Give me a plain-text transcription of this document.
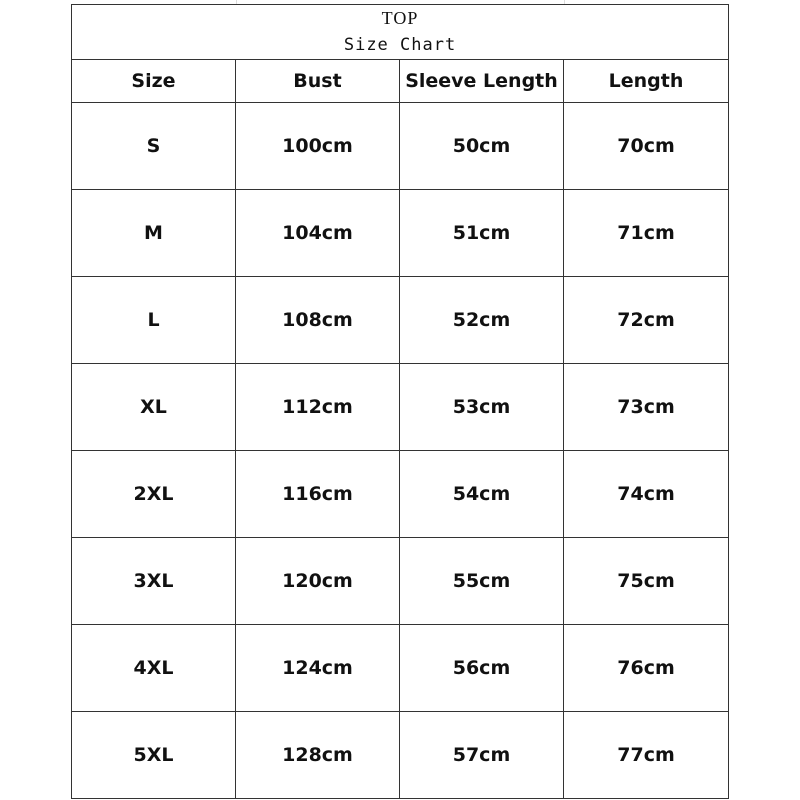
TOP
Size Chart			

Size	Bust	Sleeve Length	Length
S	100cm	50cm	70cm
M	104cm	51cm	71cm
L	108cm	52cm	72cm
XL	112cm	53cm	73cm
2XL	116cm	54cm	74cm
3XL	120cm	55cm	75cm
4XL	124cm	56cm	76cm
5XL	128cm	57cm	77cm
